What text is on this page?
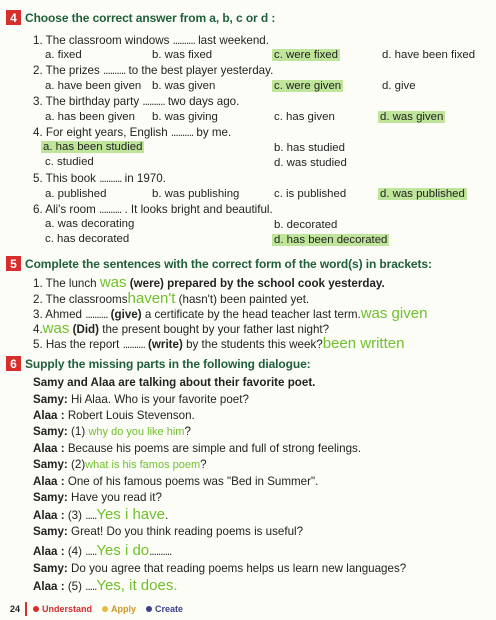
4 Choose the correct answer from a, b, c or d :
1. The classroom windows .......... last weekend.
a. fixed	b. was fixed	c. were fixed	d. have been fixed
2. The prizes .......... to the best player yesterday.
a. have been given b. was given	c. were given	d. give
3. The birthday party .......... two days ago.
a. has been given b. was giving	c. has given	d. was given
4. For eight years, English .......... by me.
a. has been studied	b. has studied
c. studied	d. was studied
5. This book .......... in 1970.
a. published	b. was publishing	c. is published	d. was published
6. Ali's room .......... . It looks bright and beautiful.
a. was decorating	b. decorated
c. has decorated	d. has been decorated
5 Complete the sentences with the correct form of the word(s) in brackets:
1. The lunch was (were) prepared by the school cook yesterday.
2. The classroomshaven't (hasn't) been painted yet.
3. Ahmed .......... (give) a certificate by the head teacher last term.was given
4.was (Did) the present bought by your father last night?
5. Has the report .......... (write) by the students this week?been written
6 Supply the missing parts in the following dialogue:
Samy and Alaa are talking about their favorite poet.
Samy: Hi Alaa. Who is your favorite poet?
Alaa : Robert Louis Stevenson.
Samy: (1) why do you like him?
Alaa : Because his poems are simple and full of strong feelings.
Samy: (2)what is his famos poem?
Alaa : One of his famous poems was "Bed in Summer".
Samy: Have you read it?
Alaa : (3) .....Yes i have.
Samy: Great! Do you think reading poems is useful?
Alaa : (4) .....Yes i do..........
Samy: Do you agree that reading poems helps us learn new languages?
Alaa : (5) .....Yes, it does.
24	Understand Apply Create
